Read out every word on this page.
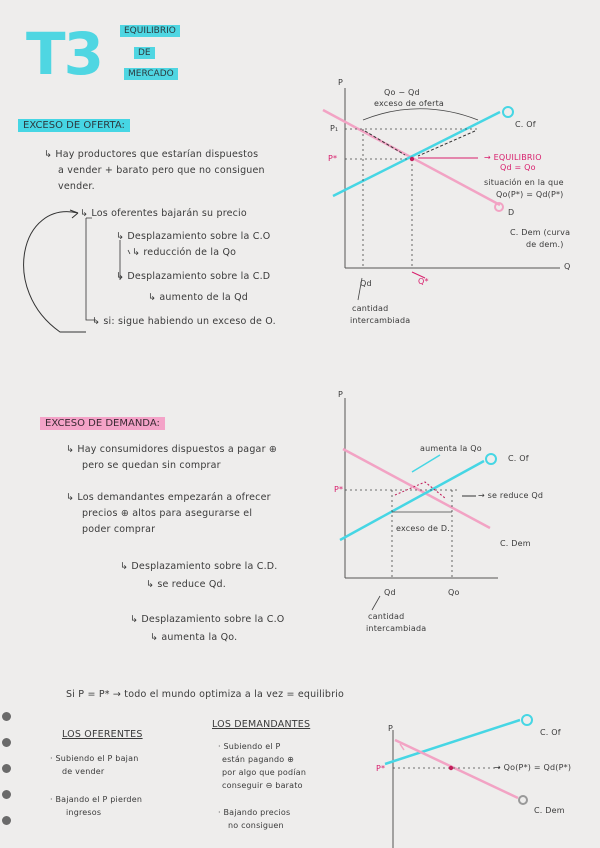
T3	EQUILIBRIO
DE
MERCADO
EXCESO DE OFERTA:
↳ Hay productores que estarían dispuestos
a vender + barato pero que no consiguen
vender.
↳ Los oferentes bajarán su precio
↳ Desplazamiento sobre la C.O
↳ reducción de la Qo
↳ Desplazamiento sobre la C.D
↳ aumento de la Qd
↳ si: sigue habiendo un exceso de O.
EXCESO DE DEMANDA:
↳ Hay consumidores dispuestos a pagar ⊕
pero se quedan sin comprar
↳ Los demandantes empezarán a ofrecer
precios ⊕ altos para asegurarse el
poder comprar
↳ Desplazamiento sobre la C.D.
↳ se reduce Qd.
↳ Desplazamiento sobre la C.O
↳ aumenta la Qo.
Si P = P* → todo el mundo optimiza a la vez = equilibrio
LOS OFERENTES
· Subiendo el P bajan
de vender
· Bajando el P pierden
ingresos
LOS DEMANDANTES
· Subiendo el P
están pagando ⊕
por algo que podían
conseguir ⊖ barato
· Bajando precios
no consiguen
P
P₁
P*
Qo − Qd
exceso de oferta
C. Of
→ EQUILIBRIO
Qd = Qo
situación en la que
Qo(P*) = Qd(P*)
D
C. Dem (curva
de dem.)
Q
Qd	Q*
cantidad
intercambiada
P
P*
aumenta la Qo
→ se reduce Qd
exceso de D.
C. Of
C. Dem
Qd	Qo
cantidad
intercambiada
P	C. Of
P*	→ Qo(P*) = Qd(P*)
C. Dem
